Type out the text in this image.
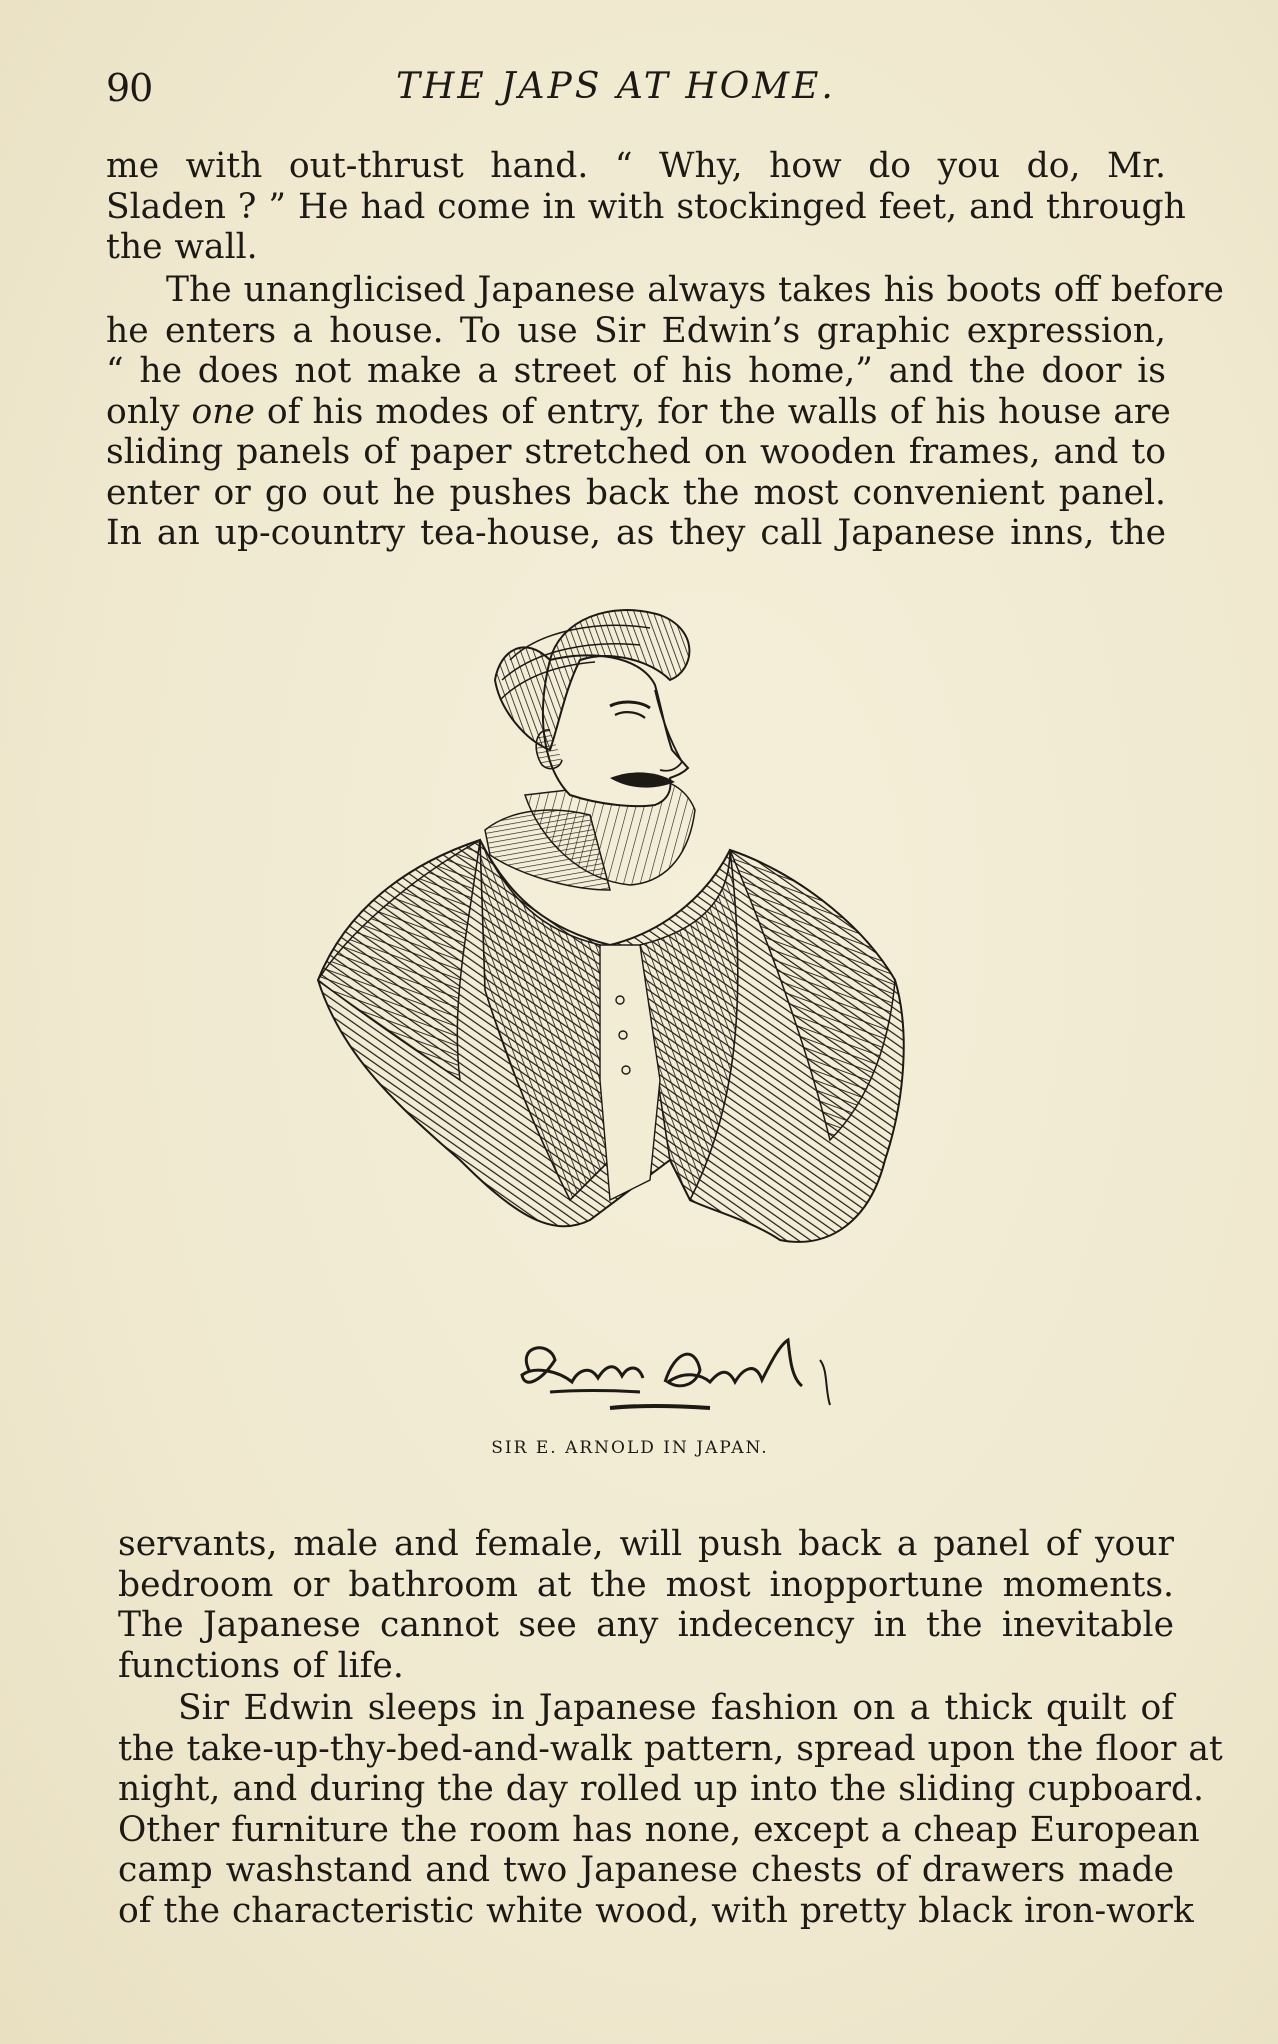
90	THE JAPS AT HOME.

me with out-thrust hand. “ Why, how do you do, Mr.
Sladen ? ” He had come in with stockinged feet, and through
the wall.

The unanglicised Japanese always takes his boots off before
he enters a house. To use Sir Edwin’s graphic expression,
“ he does not make a street of his home,” and the door is
only one of his modes of entry, for the walls of his house are
sliding panels of paper stretched on wooden frames, and to
enter or go out he pushes back the most convenient panel.
In an up-country tea-house, as they call Japanese inns, the

SIR E. ARNOLD IN JAPAN.

servants, male and female, will push back a panel of your
bedroom or bathroom at the most inopportune moments.
The Japanese cannot see any indecency in the inevitable
functions of life.

Sir Edwin sleeps in Japanese fashion on a thick quilt of
the take-up-thy-bed-and-walk pattern, spread upon the floor at
night, and during the day rolled up into the sliding cupboard.
Other furniture the room has none, except a cheap European
camp washstand and two Japanese chests of drawers made
of the characteristic white wood, with pretty black iron-work
